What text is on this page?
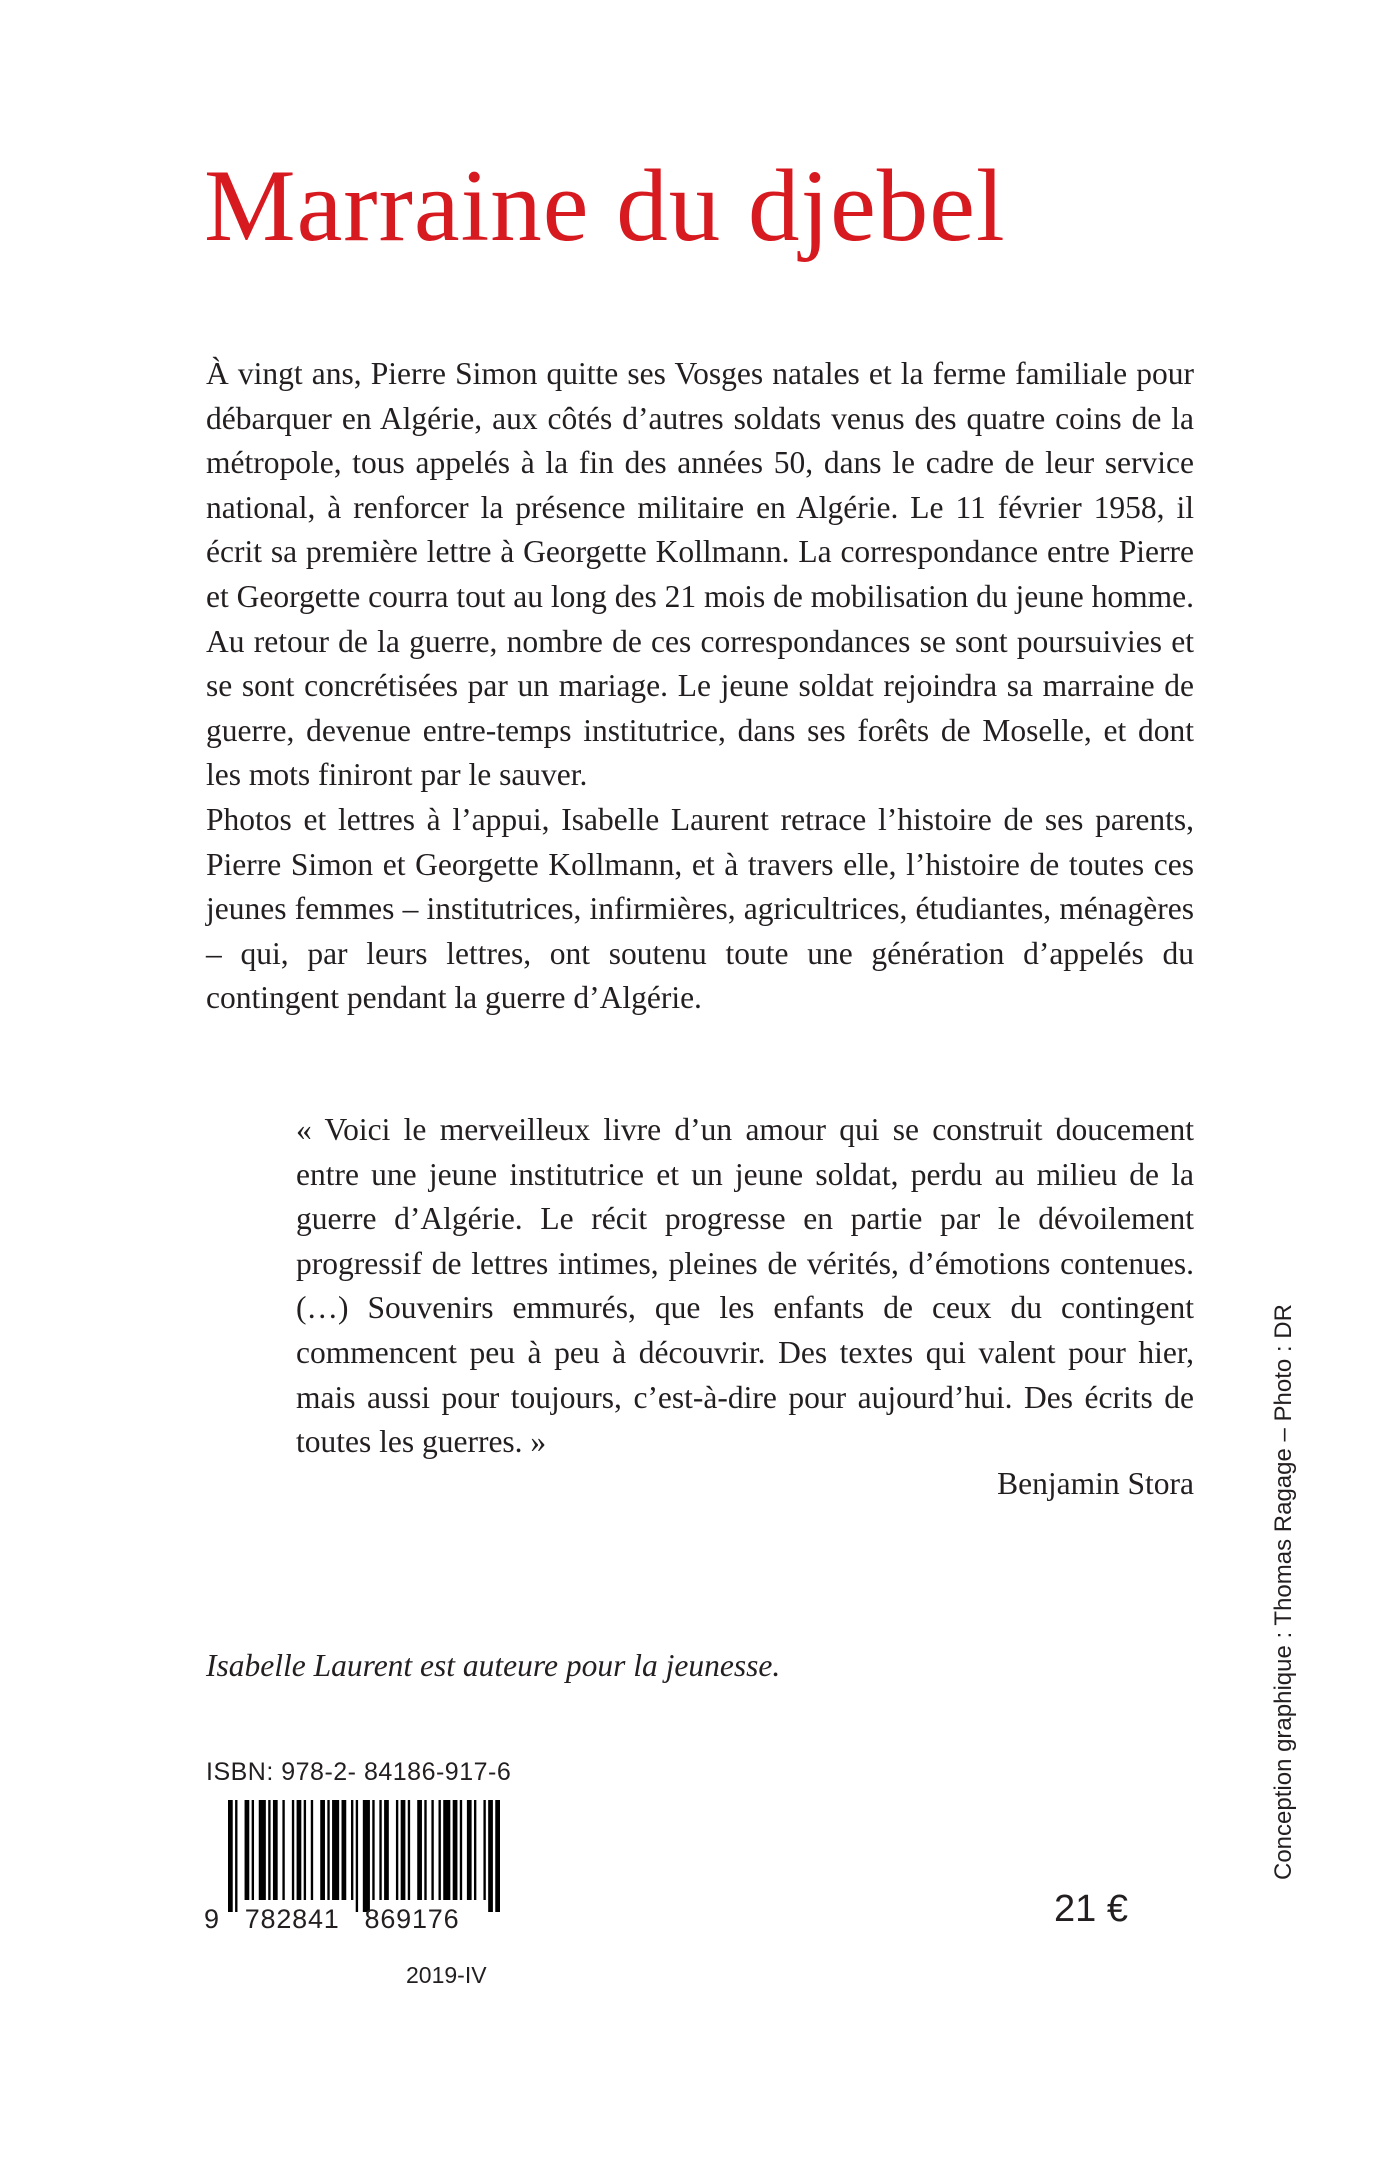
Marraine du djebel

À vingt ans, Pierre Simon quitte ses Vosges natales et la ferme familiale pour débarquer en Algérie, aux côtés d’autres soldats venus des quatre coins de la métropole, tous appelés à la fin des années 50, dans le cadre de leur service national, à renforcer la présence militaire en Algérie. Le 11 février 1958, il écrit sa première lettre à Georgette Kollmann. La correspondance entre Pierre et Georgette courra tout au long des 21 mois de mobilisation du jeune homme.

Au retour de la guerre, nombre de ces correspondances se sont poursuivies et se sont concrétisées par un mariage. Le jeune soldat rejoindra sa marraine de guerre, devenue entre-temps institutrice, dans ses forêts de Moselle, et dont les mots finiront par le sauver.

Photos et lettres à l’appui, Isabelle Laurent retrace l’histoire de ses parents, Pierre Simon et Georgette Kollmann, et à travers elle, l’histoire de toutes ces jeunes femmes – institutrices, infirmières, agricultrices, étudiantes, ménagères – qui, par leurs lettres, ont soutenu toute une génération d’appelés du contingent pendant la guerre d’Algérie.

« Voici le merveilleux livre d’un amour qui se construit doucement entre une jeune institutrice et un jeune soldat, perdu au milieu de la guerre d’Algérie. Le récit progresse en partie par le dévoilement progressif de lettres intimes, pleines de vérités, d’émotions contenues. (…) Souvenirs emmurés, que les enfants de ceux du contingent commencent peu à peu à découvrir. Des textes qui valent pour hier, mais aussi pour toujours, c’est-à-dire pour aujourd’hui. Des écrits de toutes les guerres. »

Benjamin Stora
Isabelle Laurent est auteure pour la jeunesse.
ISBN: 978-2- 84186-917-6
9   782841   869176
2019-IV
21 €
Conception graphique : Thomas Ragage – Photo : DR
